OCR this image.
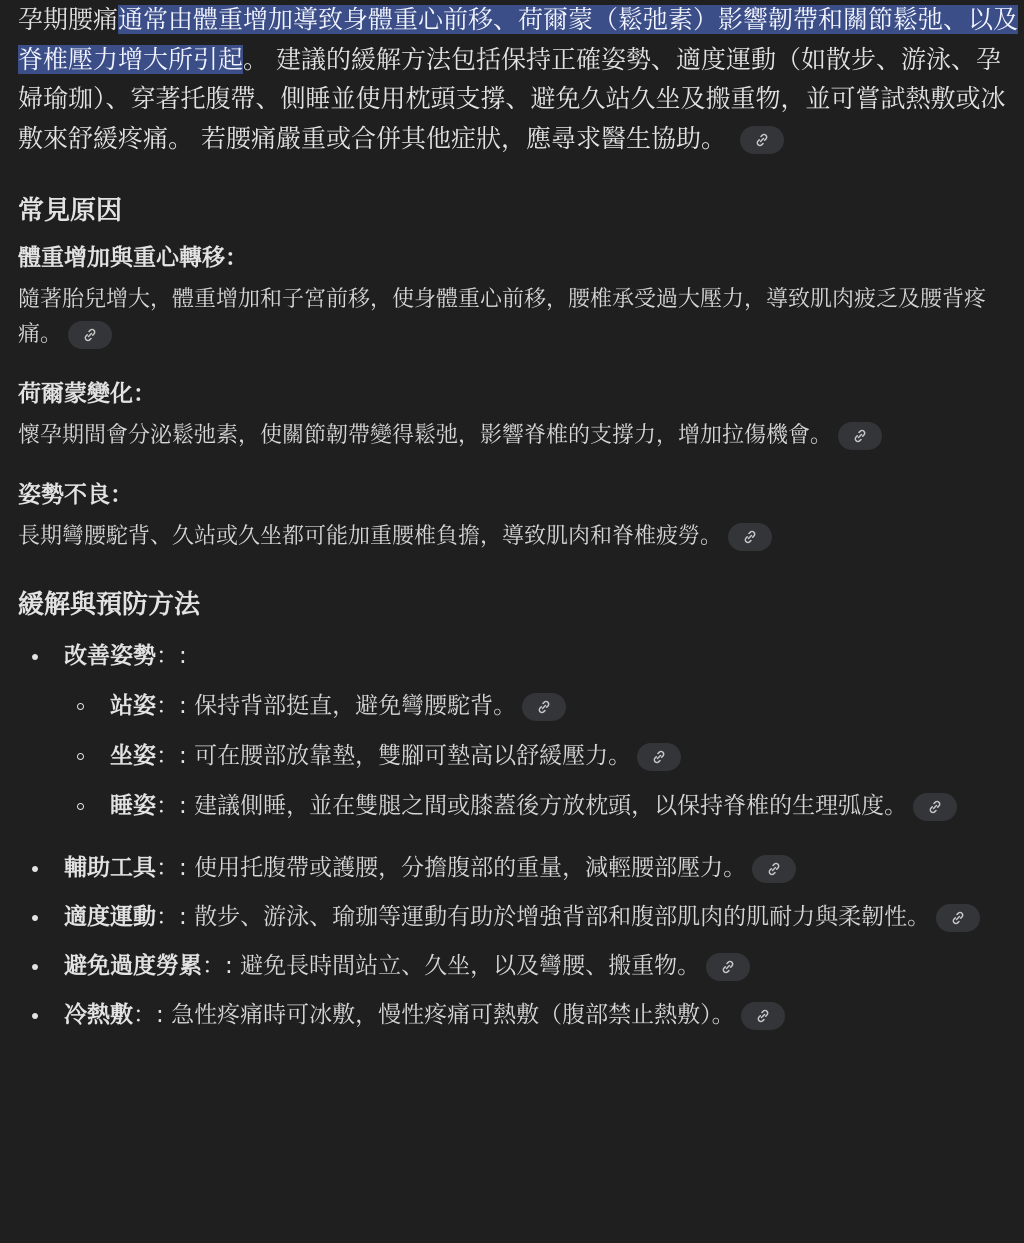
孕期腰痛通常由體重增加導致身體重心前移、荷爾蒙（鬆弛素）影響韌帶和關節鬆弛、以及脊椎壓力增大所引起。 建議的緩解方法包括保持正確姿勢、適度運動（如散步、游泳、孕婦瑜珈）、穿著托腹帶、側睡並使用枕頭支撐、避免久站久坐及搬重物，並可嘗試熱敷或冰敷來舒緩疼痛。 若腰痛嚴重或合併其他症狀，應尋求醫生協助。

常見原因
體重增加與重心轉移：

隨著胎兒增大，體重增加和子宮前移，使身體重心前移，腰椎承受過大壓力，導致肌肉疲乏及腰背疼痛。

荷爾蒙變化：

懷孕期間會分泌鬆弛素，使關節韌帶變得鬆弛，影響脊椎的支撐力，增加拉傷機會。

姿勢不良：

長期彎腰駝背、久站或久坐都可能加重腰椎負擔，導致肌肉和脊椎疲勞。

緩解與預防方法
改善姿勢：:
站姿：: 保持背部挺直，避免彎腰駝背。
坐姿：: 可在腰部放靠墊，雙腳可墊高以舒緩壓力。
睡姿：: 建議側睡，並在雙腿之間或膝蓋後方放枕頭，以保持脊椎的生理弧度。
輔助工具：: 使用托腹帶或護腰，分擔腹部的重量，減輕腰部壓力。
適度運動：: 散步、游泳、瑜珈等運動有助於增強背部和腹部肌肉的肌耐力與柔韌性。
避免過度勞累：: 避免長時間站立、久坐，以及彎腰、搬重物。
冷熱敷：: 急性疼痛時可冰敷，慢性疼痛可熱敷（腹部禁止熱敷）。
